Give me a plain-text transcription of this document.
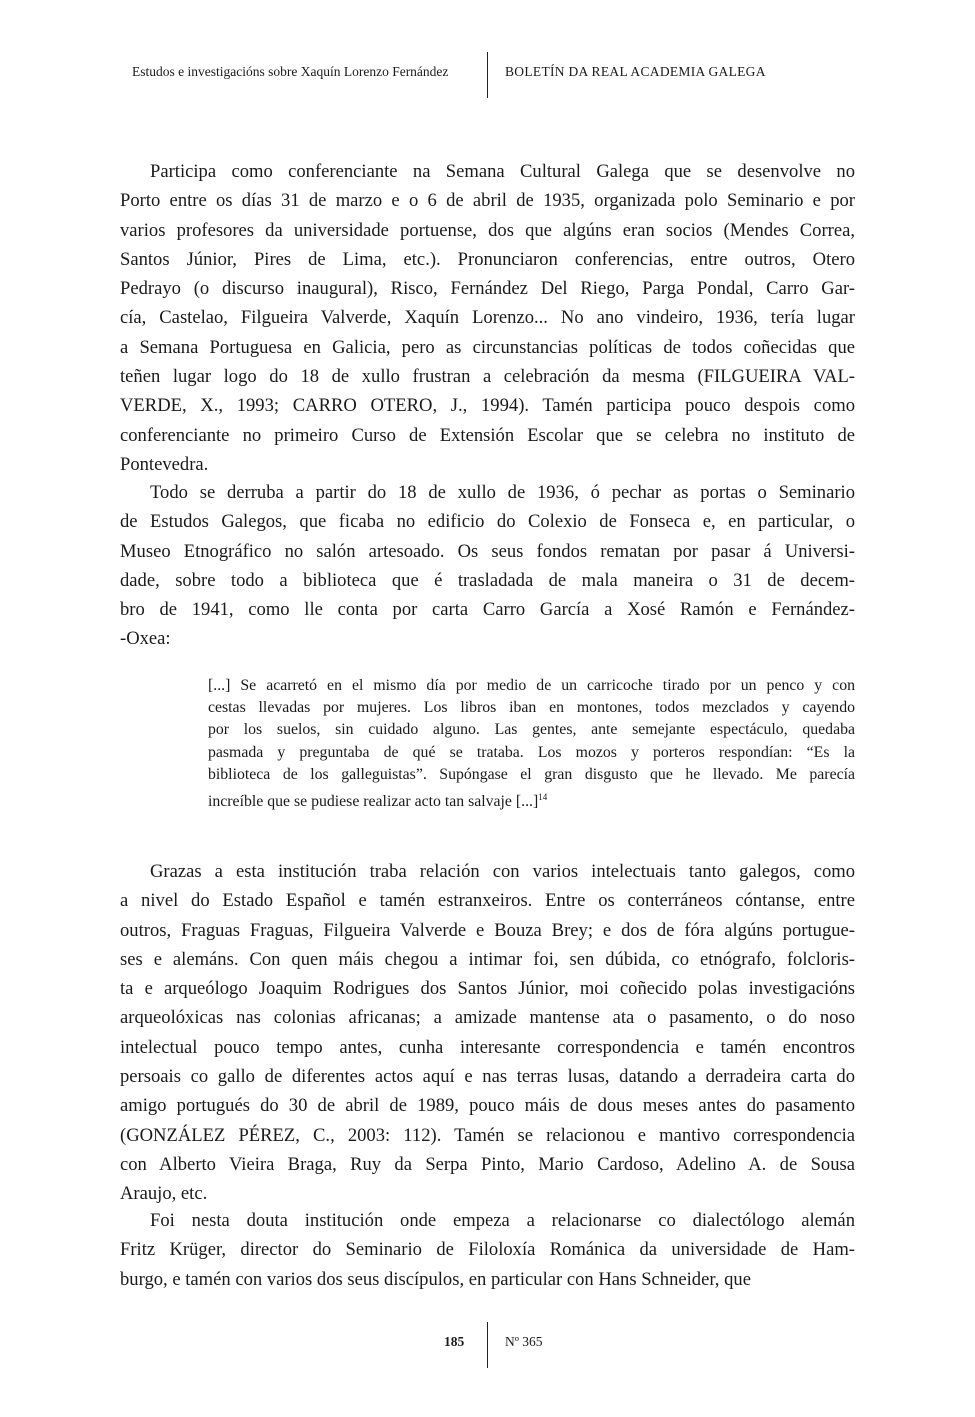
Estudos e investigacións sobre Xaquín Lorenzo Fernández	BOLETÍN DA REAL ACADEMIA GALEGA
Participa como conferenciante na Semana Cultural Galega que se desenvolve no
Porto entre os días 31 de marzo e o 6 de abril de 1935, organizada polo Seminario e por
varios profesores da universidade portuense, dos que algúns eran socios (Mendes Correa,
Santos Júnior, Pires de Lima, etc.). Pronunciaron conferencias, entre outros, Otero
Pedrayo (o discurso inaugural), Risco, Fernández Del Riego, Parga Pondal, Carro Gar-
cía, Castelao, Filgueira Valverde, Xaquín Lorenzo... No ano vindeiro, 1936, tería lugar
a Semana Portuguesa en Galicia, pero as circunstancias políticas de todos coñecidas que
teñen lugar logo do 18 de xullo frustran a celebración da mesma (FILGUEIRA VAL-
VERDE, X., 1993; CARRO OTERO, J., 1994). Tamén participa pouco despois como
conferenciante no primeiro Curso de Extensión Escolar que se celebra no instituto de
Pontevedra.
Todo se derruba a partir do 18 de xullo de 1936, ó pechar as portas o Seminario
de Estudos Galegos, que ficaba no edificio do Colexio de Fonseca e, en particular, o
Museo Etnográfico no salón artesoado. Os seus fondos rematan por pasar á Universi-
dade, sobre todo a biblioteca que é trasladada de mala maneira o 31 de decem-
bro de 1941, como lle conta por carta Carro García a Xosé Ramón e Fernández-
-Oxea:
[...] Se acarretó en el mismo día por medio de un carricoche tirado por un penco y con
cestas llevadas por mujeres. Los libros iban en montones, todos mezclados y cayendo
por los suelos, sin cuidado alguno. Las gentes, ante semejante espectáculo, quedaba
pasmada y preguntaba de qué se trataba. Los mozos y porteros respondían: “Es la
biblioteca de los galleguistas”. Supóngase el gran disgusto que he llevado. Me parecía
increíble que se pudiese realizar acto tan salvaje [...]$^{14}$
Grazas a esta institución traba relación con varios intelectuais tanto galegos, como
a nivel do Estado Español e tamén estranxeiros. Entre os conterráneos cóntanse, entre
outros, Fraguas Fraguas, Filgueira Valverde e Bouza Brey; e dos de fóra algúns portugue-
ses e alemáns. Con quen máis chegou a intimar foi, sen dúbida, co etnógrafo, folcloris-
ta e arqueólogo Joaquim Rodrigues dos Santos Júnior, moi coñecido polas investigacións
arqueolóxicas nas colonias africanas; a amizade mantense ata o pasamento, o do noso
intelectual pouco tempo antes, cunha interesante correspondencia e tamén encontros
persoais co gallo de diferentes actos aquí e nas terras lusas, datando a derradeira carta do
amigo portugués do 30 de abril de 1989, pouco máis de dous meses antes do pasamento
(GONZÁLEZ PÉREZ, C., 2003: 112). Tamén se relacionou e mantivo correspondencia
con Alberto Vieira Braga, Ruy da Serpa Pinto, Mario Cardoso, Adelino A. de Sousa
Araujo, etc.
Foi nesta douta institución onde empeza a relacionarse co dialectólogo alemán
Fritz Krüger, director do Seminario de Filoloxía Románica da universidade de Ham-
burgo, e tamén con varios dos seus discípulos, en particular con Hans Schneider, que
185	Nº 365
